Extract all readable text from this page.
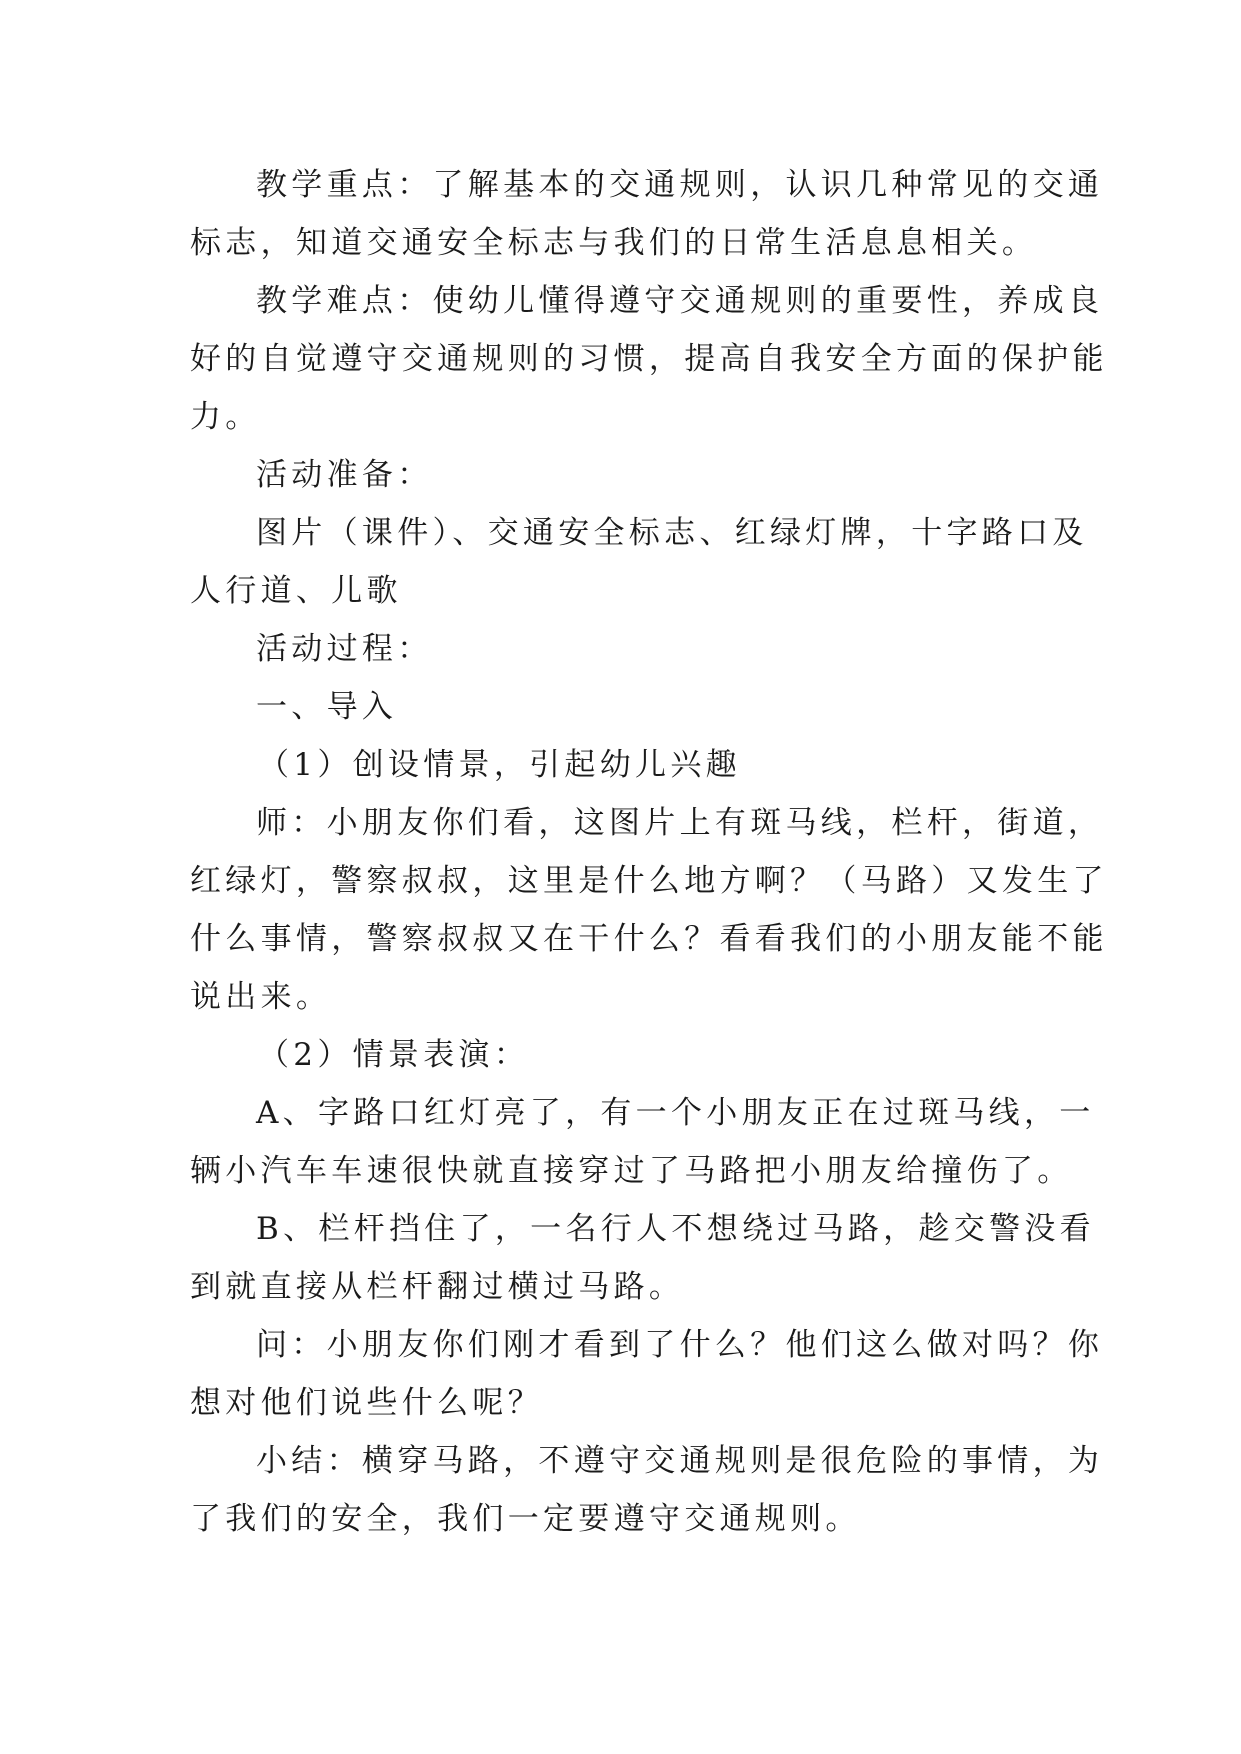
教学重点：了解基本的交通规则，认识几种常见的交通
标志，知道交通安全标志与我们的日常生活息息相关。
教学难点：使幼儿懂得遵守交通规则的重要性，养成良
好的自觉遵守交通规则的习惯，提高自我安全方面的保护能
力。
活动准备：
图片（课件）、交通安全标志、红绿灯牌，十字路口及
人行道、儿歌
活动过程：
一、导入
（1）创设情景，引起幼儿兴趣
师：小朋友你们看，这图片上有斑马线，栏杆，街道，
红绿灯，警察叔叔，这里是什么地方啊？（马路）又发生了
什么事情，警察叔叔又在干什么？看看我们的小朋友能不能
说出来。
（2）情景表演：
A、字路口红灯亮了，有一个小朋友正在过斑马线，一
辆小汽车车速很快就直接穿过了马路把小朋友给撞伤了。
B、栏杆挡住了，一名行人不想绕过马路，趁交警没看
到就直接从栏杆翻过横过马路。
问：小朋友你们刚才看到了什么？他们这么做对吗？你
想对他们说些什么呢？
小结：横穿马路，不遵守交通规则是很危险的事情，为
了我们的安全，我们一定要遵守交通规则。
